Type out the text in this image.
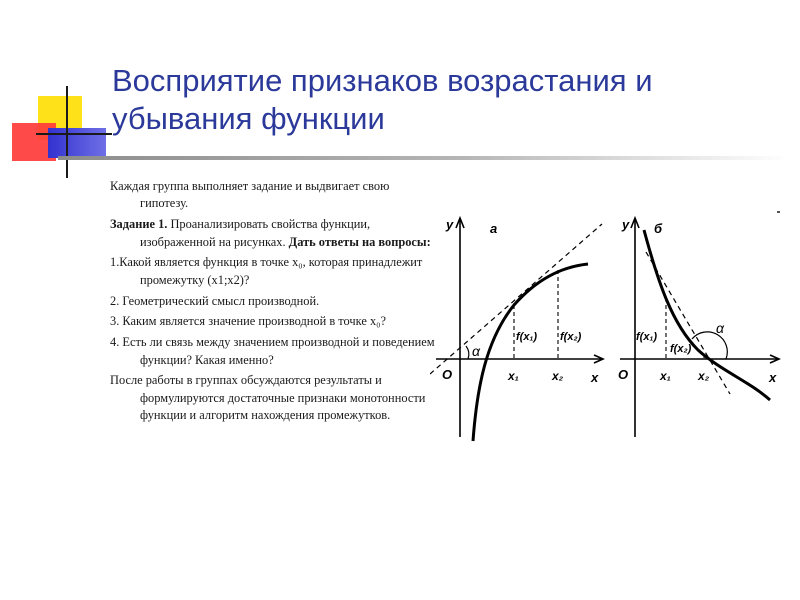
Восприятие признаков возрастания и убывания функции

Каждая группа выполняет задание и выдвигает свою гипотезу.

Задание 1. Проанализировать свойства функции, изображенной на рисунках. Дать ответы на вопросы:

1.Какой является функция в точке x₀, которая принадлежит промежутку (x1;x2)?

2. Геометрический смысл производной.

3. Каким является значение производной в точке x₀?

4. Есть ли связь между значением производной и поведением функции? Какая именно?

После работы в группах обсуждаются результаты и формулируются достаточные признаки монотонности функции и алгоритм нахождения промежутков.

а
y
x
O	x₁	x₂
f(x₁) f(x₂)
α
б
y
x
O	x₁ x₂
f(x₁)
f(x₂)
α
